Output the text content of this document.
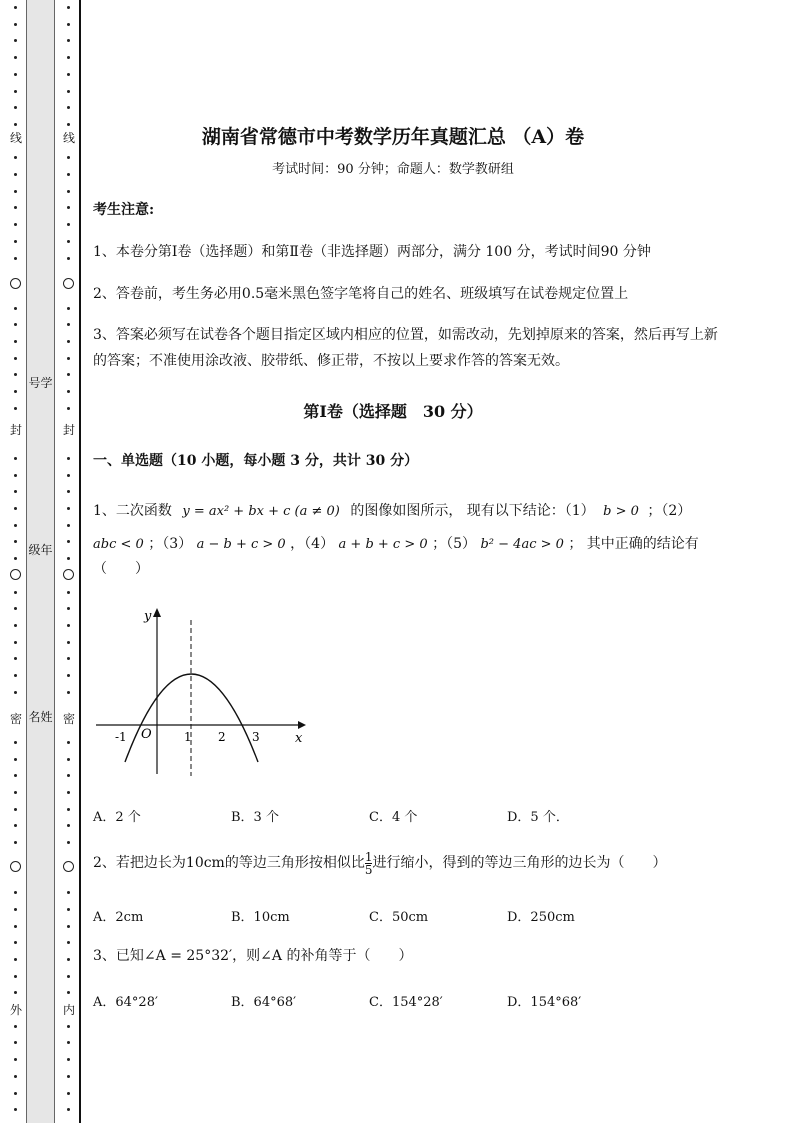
线
封
密
外
号学
级年
名姓
线
封
密
内
湖南省常德市中考数学历年真题汇总 （A）卷
考试时间：90 分钟；命题人：数学教研组
考生注意:
1、本卷分第Ⅰ卷（选择题）和第Ⅱ卷（非选择题）两部分，满分 100 分，考试时间90 分钟
2、答卷前，考生务必用0.5毫米黑色签字笔将自己的姓名、班级填写在试卷规定位置上
3、答案必须写在试卷各个题目指定区域内相应的位置，如需改动，先划掉原来的答案，然后再写上新
的答案；不准使用涂改液、胶带纸、修正带，不按以上要求作答的答案无效。
第Ⅰ卷（选择题　30 分）
一、单选题（10 小题，每小题 3 分，共计 30 分）
1、二次函数 y = ax² + bx + c (a ≠ 0) 的图像如图所示， 现有以下结论：（1） b > 0 ；（2）
abc < 0 ；（3） a − b + c > 0 ，（4） a + b + c > 0 ；（5） b² − 4ac > 0 ； 其中正确的结论有
（　　）
y
x
O
-1	1 2 3
A．2 个	B．3 个	C．4 个	D．5 个．
2、若把边长为10cm的等边三角形按相似比 $\frac{1}{5}$ 进行缩小，得到的等边三角形的边长为（　　）
A．2cm	B．10cm	C．50cm	D．250cm
3、已知∠A = 25°32′，则∠A 的补角等于（　　）
A．64°28′	B．64°68′	C．154°28′	D．154°68′
